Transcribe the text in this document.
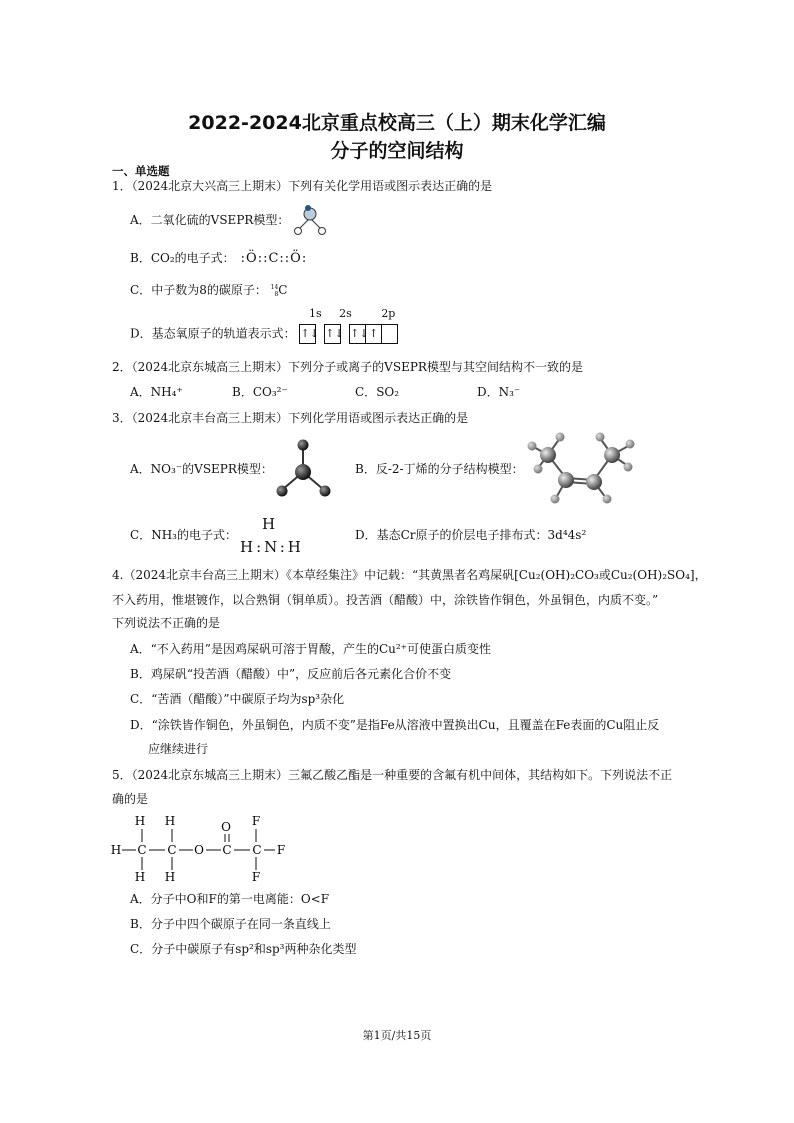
2022-2024北京重点校高三（上）期末化学汇编
分子的空间结构
一、单选题
1．（2024北京大兴高三上期末）下列有关化学用语或图示表达正确的是
A．二氧化硫的VSEPR模型：
B．CO₂的电子式： :Ö::C::Ö:
C．中子数为8的碳原子： 14
8C
1s 2s	2p
D．基态氧原子的轨道表示式： ↑↓ ↑↓ ↑↓↑
2．（2024北京东城高三上期末）下列分子或离子的VSEPR模型与其空间结构不一致的是
A．NH₄⁺	B．CO₃²⁻	C．SO₂	D．N₃⁻
3．（2024北京丰台高三上期末）下列化学用语或图示表达正确的是
A．NO₃⁻的VSEPR模型：	B．反-2-丁烯的分子结构模型：
C．NH₃的电子式：
H
H:N:H
D．基态Cr原子的价层电子排布式：3d⁴4s²
4.（2024北京丰台高三上期末）《本草经集注》中记载：“其黄黑者名鸡屎矾[Cu₂(OH)₂CO₃或Cu₂(OH)₂SO₄]，
不入药用，惟堪镀作，以合熟铜（铜单质）。投苦酒（醋酸）中，涂铁皆作铜色，外虽铜色，内质不变。”
下列说法不正确的是
A．“不入药用”是因鸡屎矾可溶于胃酸，产生的Cu²⁺可使蛋白质变性
B．鸡屎矾“投苦酒（醋酸）中”，反应前后各元素化合价不变
C．“苦酒（醋酸）”中碳原子均为sp³杂化
D．“涂铁皆作铜色，外虽铜色，内质不变”是指Fe从溶液中置换出Cu，且覆盖在Fe表面的Cu阻止反
应继续进行
5．（2024北京东城高三上期末）三氟乙酸乙酯是一种重要的含氟有机中间体，其结构如下。下列说法不正
确的是
H H	O F
H C C O C C F
H H	F
A．分子中O和F的第一电离能：O<F
B．分子中四个碳原子在同一条直线上
C．分子中碳原子有sp²和sp³两种杂化类型
第1页/共15页
